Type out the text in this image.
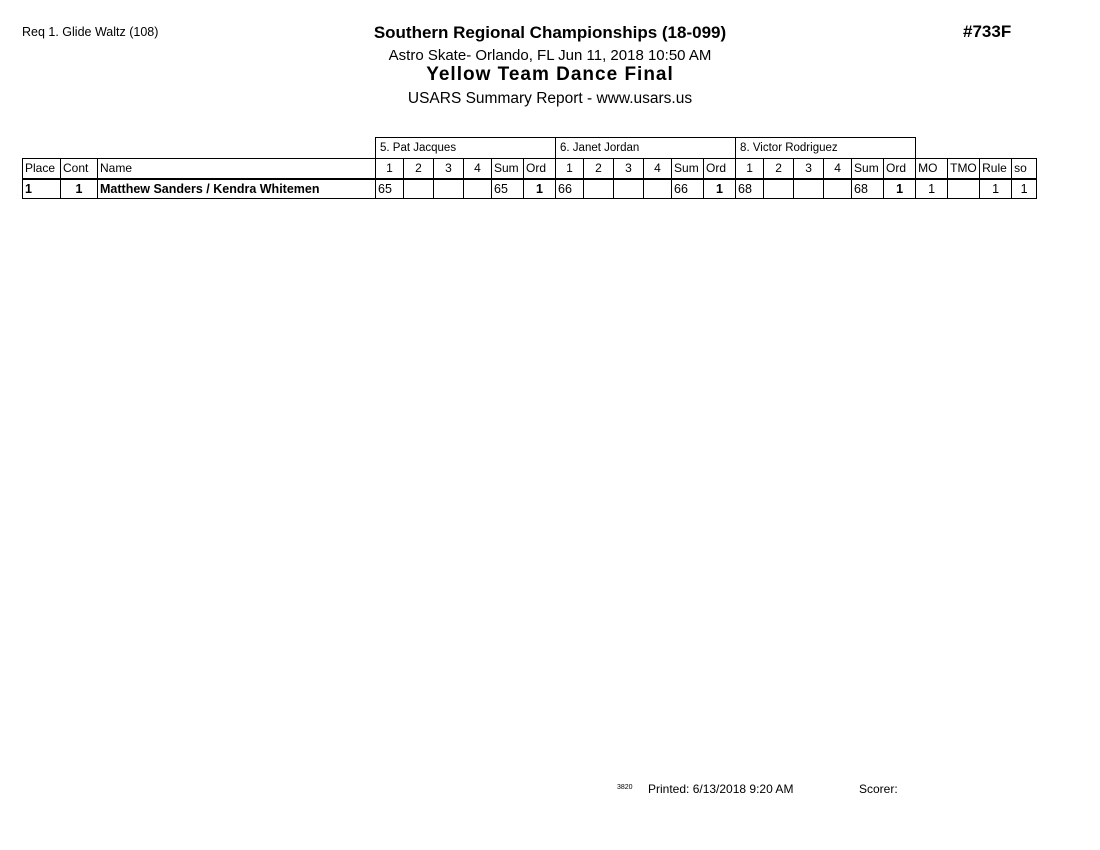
Req 1. Glide Waltz (108)	#733F
Southern Regional Championships (18-099)
Astro Skate- Orlando, FL Jun 11, 2018 10:50 AM
Yellow Team Dance Final
USARS Summary Report - www.usars.us
			5. Pat Jacques						6. Janet Jordan						8. Victor Rodriguez									
Place	Cont	Name	1	2	3	4	Sum	Ord	1	2	3	4	Sum	Ord	1	2	3	4	Sum	Ord	MO	TMO	Rule	so
1	1	Matthew Sanders / Kendra Whitemen	65				65	1	66				66	1	68				68	1	1		1	1
3820 Printed: 6/13/2018 9:20 AM	Scorer:
